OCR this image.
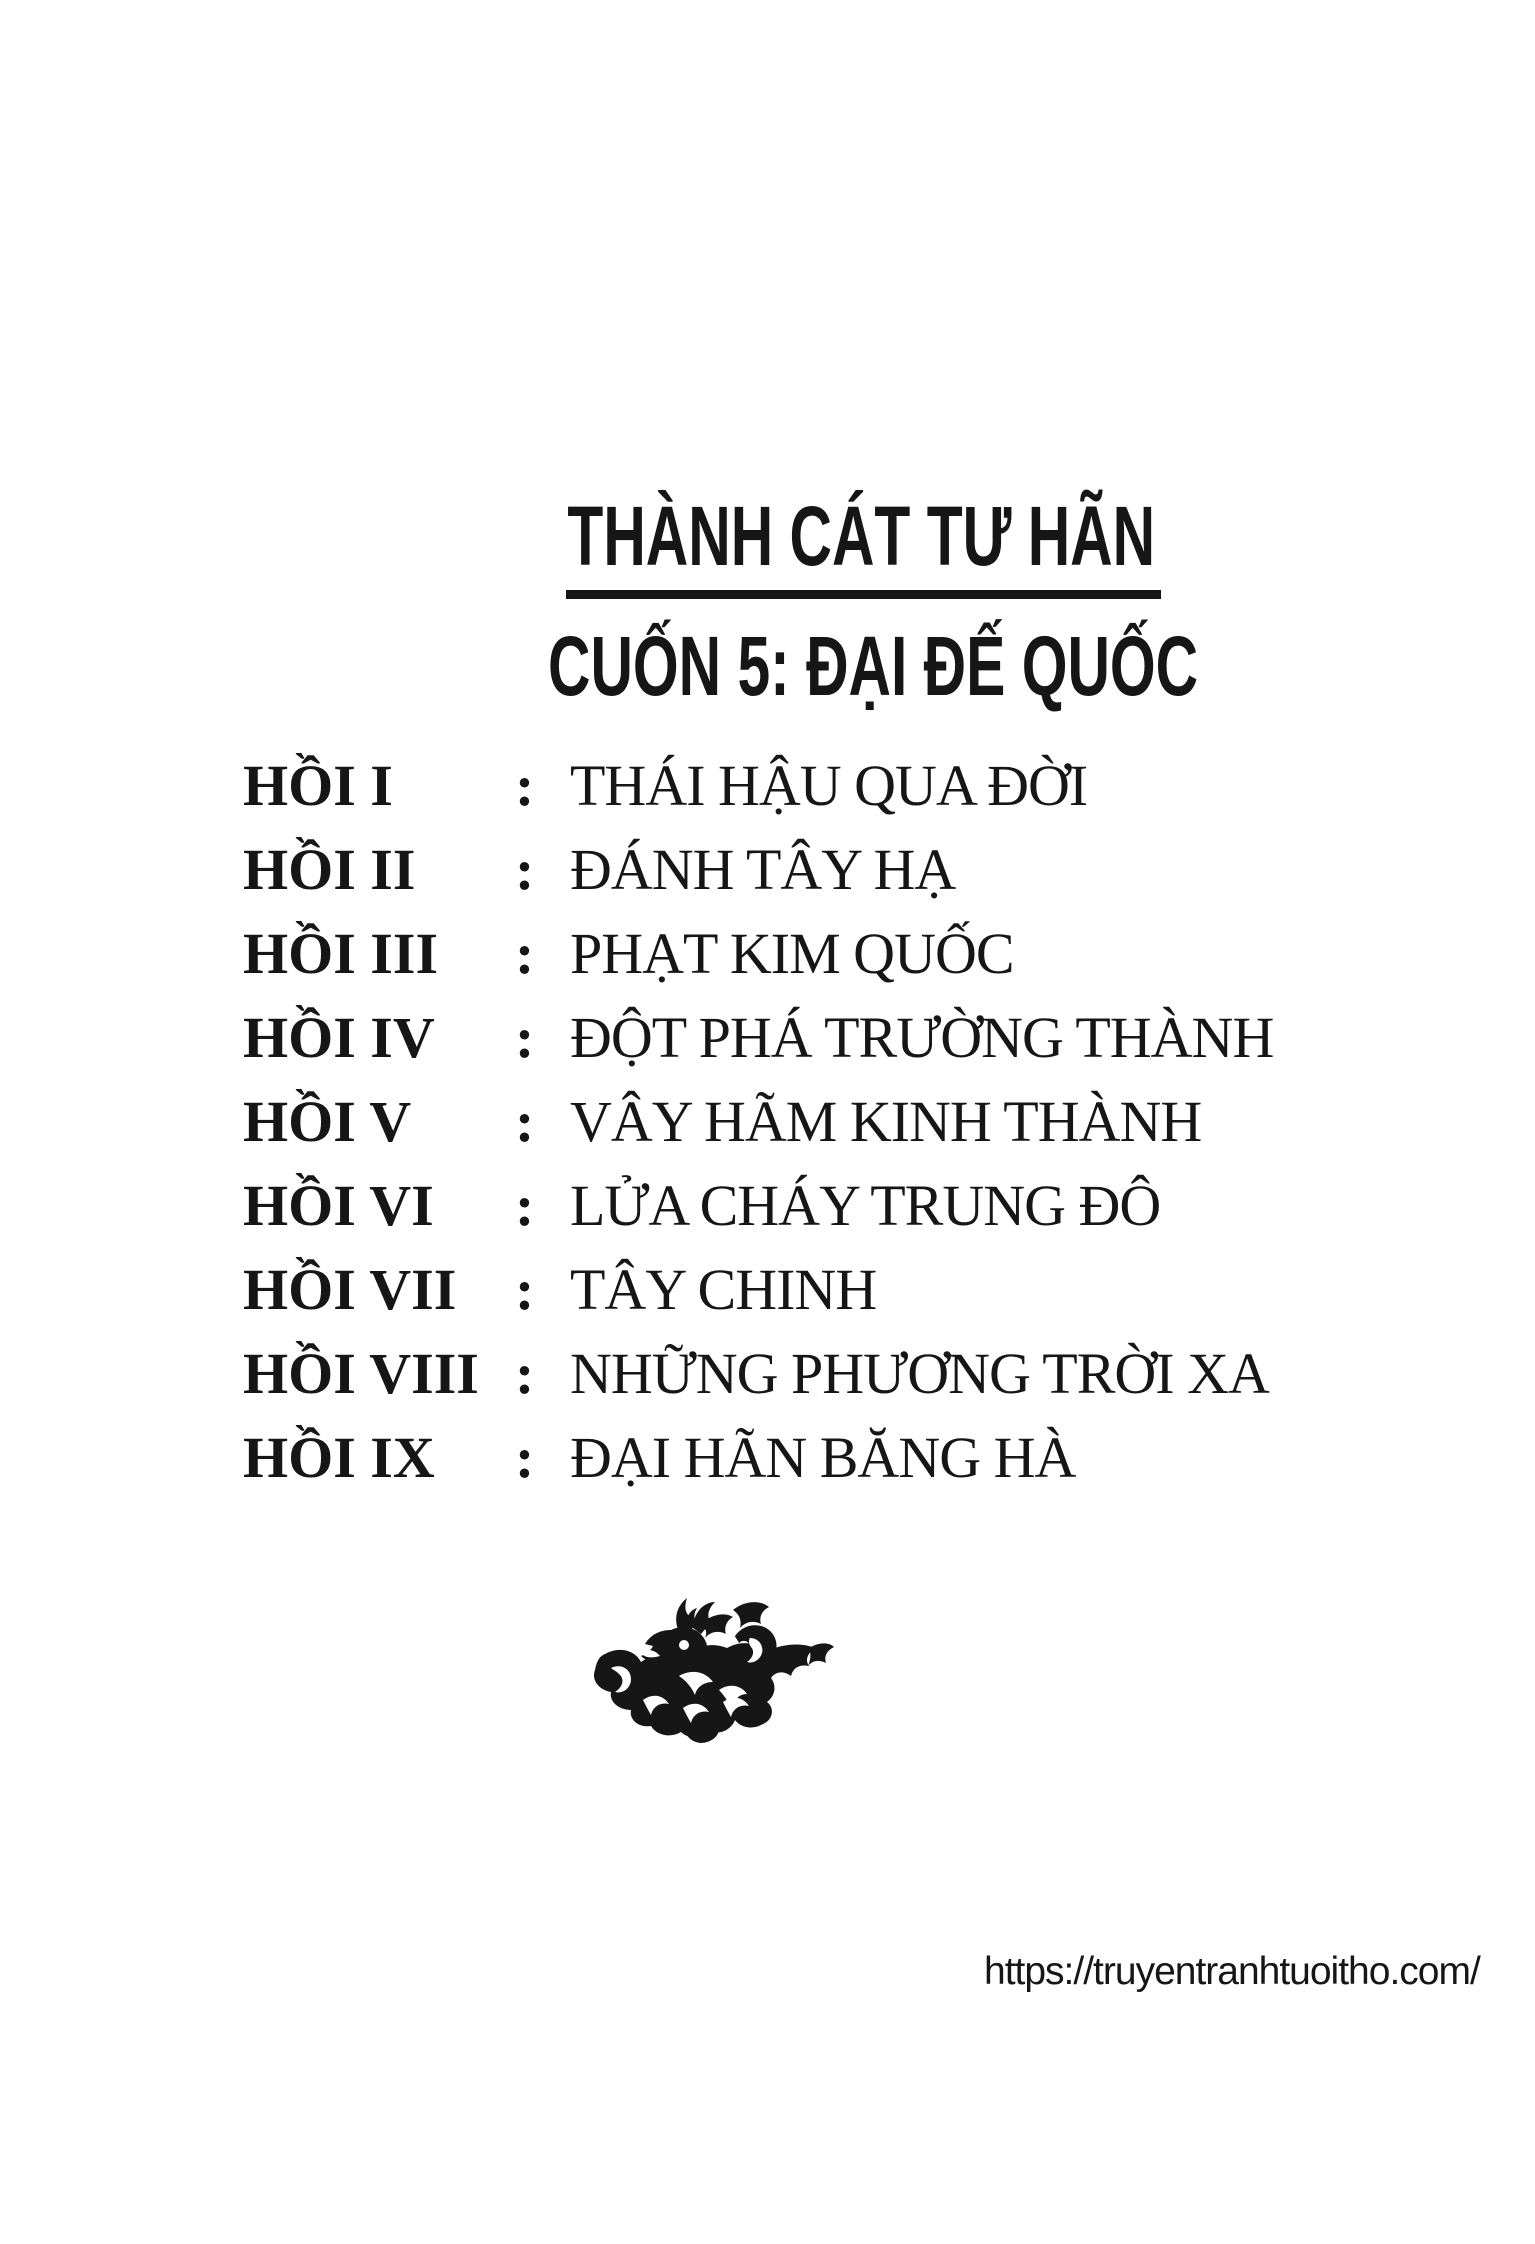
THÀNH CÁT TƯ HÃN
CUỐN 5: ĐẠI ĐẾ QUỐC
HỒI I	: THÁI HẬU QUA ĐỜI
HỒI II	: ĐÁNH TÂY HẠ
HỒI III	: PHẠT KIM QUỐC
HỒI IV	: ĐỘT PHÁ TRƯỜNG THÀNH
HỒI V	: VÂY HÃM KINH THÀNH
HỒI VI	: LỬA CHÁY TRUNG ĐÔ
HỒI VII	: TÂY CHINH
HỒI VIII : NHỮNG PHƯƠNG TRỜI XA
HỒI IX	: ĐẠI HÃN BĂNG HÀ
https://truyentranhtuoitho.com/
